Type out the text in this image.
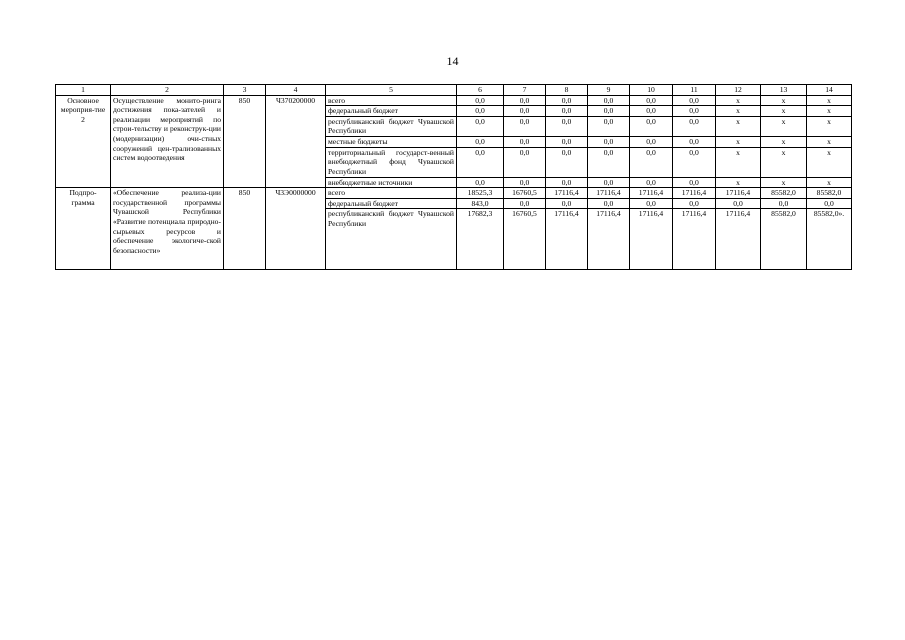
14
1	2	3	4	5	6	7	8	9	10	11	12	13	14
Основное мероприя-тие 2	Осуществление монито-ринга достижения пока-зателей и реализации мероприятий по строи-тельству и реконструк-ции (модернизации) очи-стных сооружений цен-трализованных систем водоотведения	850	Ч370200000	всего	0,0	0,0	0,0	0,0	0,0	0,0	х	х	х
				федеральный бюджет	0,0	0,0	0,0	0,0	0,0	0,0	х	х	х
				республиканский бюджет Чувашской Республики	0,0	0,0	0,0	0,0	0,0	0,0	х	х	х
				местные бюджеты	0,0	0,0	0,0	0,0	0,0	0,0	х	х	х
				территориальный государст-венный внебюджетный фонд Чувашской Республики	0,0	0,0	0,0	0,0	0,0	0,0	х	х	х
				внебюджетные источники	0,0	0,0	0,0	0,0	0,0	0,0	х	х	х
Подпро-грамма	«Обеспечение реализа-ции государственной программы Чувашской Республики «Развитие потенциала природно-сырьевых ресурсов и обеспечение экологиче-ской безопасности»	850	Ч3Э0000000	всего	18525,3	16760,5	17116,4	17116,4	17116,4	17116,4	17116,4	85582,0	85582,0
				федеральный бюджет	843,0	0,0	0,0	0,0	0,0	0,0	0,0	0,0	0,0
				республиканский бюджет Чувашской Республики	17682,3	16760,5	17116,4	17116,4	17116,4	17116,4	17116,4	85582,0	85582,0».
